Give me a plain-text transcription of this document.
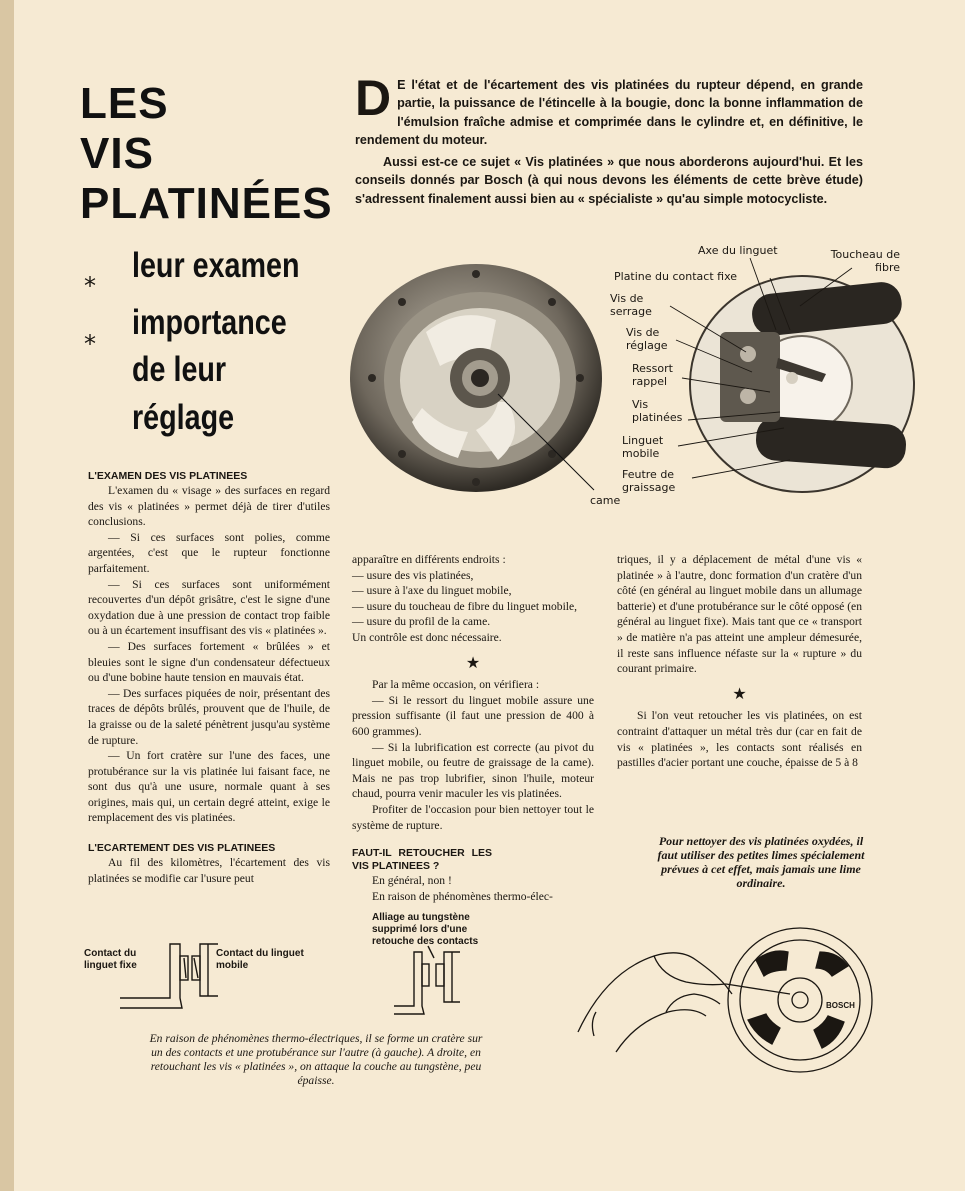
LES
VIS
PLATINÉES
*
leur examen
*
importance
de leur
réglage
D E l'état et de l'écartement des vis platinées du rupteur dépend, en grande partie, la puissance de l'étincelle à la bougie, donc la bonne inflammation de l'émulsion fraîche admise et comprimée dans le cylindre et, en définitive, le rendement du moteur.

Aussi est-ce ce sujet « Vis platinées » que nous aborderons aujourd'hui. Et les conseils donnés par Bosch (à qui nous devons les éléments de cette brève étude) s'adressent finalement aussi bien au « spécialiste » qu'au simple motocycliste.

Axe du linguet	Toucheau de fibre
Platine du contact fixe
Vis de serrage
Vis de réglage
Ressort rappel
Vis platinées
Linguet mobile
Feutre de graissage
came
L'EXAMEN DES VIS PLATINEES

L'examen du « visage » des surfaces en regard des vis « platinées » permet déjà de tirer d'utiles conclusions.

— Si ces surfaces sont polies, comme argentées, c'est que le rupteur fonctionne parfaitement.

— Si ces surfaces sont uniformément recouvertes d'un dépôt grisâtre, c'est le signe d'une oxydation due à une pression de contact trop faible ou à un écartement insuffisant des vis « platinées ».

— Des surfaces fortement « brûlées » et bleuies sont le signe d'un condensateur défectueux ou d'une bobine haute tension en mauvais état.

— Des surfaces piquées de noir, présentant des traces de dépôts brûlés, prouvent que de l'huile, de la graisse ou de la saleté pénètrent jusqu'au système de rupture.

— Un fort cratère sur l'une des faces, une protubérance sur la vis platinée lui faisant face, ne sont dus qu'à une usure, normale quant à ses origines, mais qui, un certain degré atteint, exige le remplacement des vis platinées.

L'ECARTEMENT DES VIS PLATINEES

Au fil des kilomètres, l'écartement des vis platinées se modifie car l'usure peut

apparaître en différents endroits :

— usure des vis platinées,

— usure à l'axe du linguet mobile,

— usure du toucheau de fibre du linguet mobile,

— usure du profil de la came.

Un contrôle est donc nécessaire.

★

Par la même occasion, on vérifiera :

— Si le ressort du linguet mobile assure une pression suffisante (il faut une pression de 400 à 600 grammes).

— Si la lubrification est correcte (au pivot du linguet mobile, ou feutre de graissage de la came). Mais ne pas trop lubrifier, sinon l'huile, moteur chaud, pourra venir maculer les vis platinées.

Profiter de l'occasion pour bien nettoyer tout le système de rupture.

FAUT-IL RETOUCHER LES VIS PLATINEES ?

En général, non !

En raison de phénomènes thermo-élec-

triques, il y a déplacement de métal d'une vis « platinée » à l'autre, donc formation d'un cratère d'un côté (en général au linguet mobile dans un allumage batterie) et d'une protubérance sur le côté opposé (en général au linguet fixe). Mais tant que ce « transport » de matière n'a pas atteint une ampleur démesurée, il reste sans influence néfaste sur la « rupture » du courant primaire.

★

Si l'on veut retoucher les vis platinées, on est contraint d'attaquer un métal très dur (car en fait de vis « platinées », les contacts sont réalisés en pastilles d'acier portant une couche, épaisse de 5 à 8

Pour nettoyer des vis platinées oxydées, il faut utiliser des petites limes spécialement prévues à cet effet, mais jamais une lime ordinaire.
Contact du linguet fixe
Contact du linguet mobile
Alliage au tungstène supprimé lors d'une retouche des contacts
En raison de phénomènes thermo-électriques, il se forme un cratère sur un des contacts et une protubérance sur l'autre (à gauche). A droite, en retouchant les vis « platinées », on attaque la couche au tungstène, peu épaisse.
BOSCH
